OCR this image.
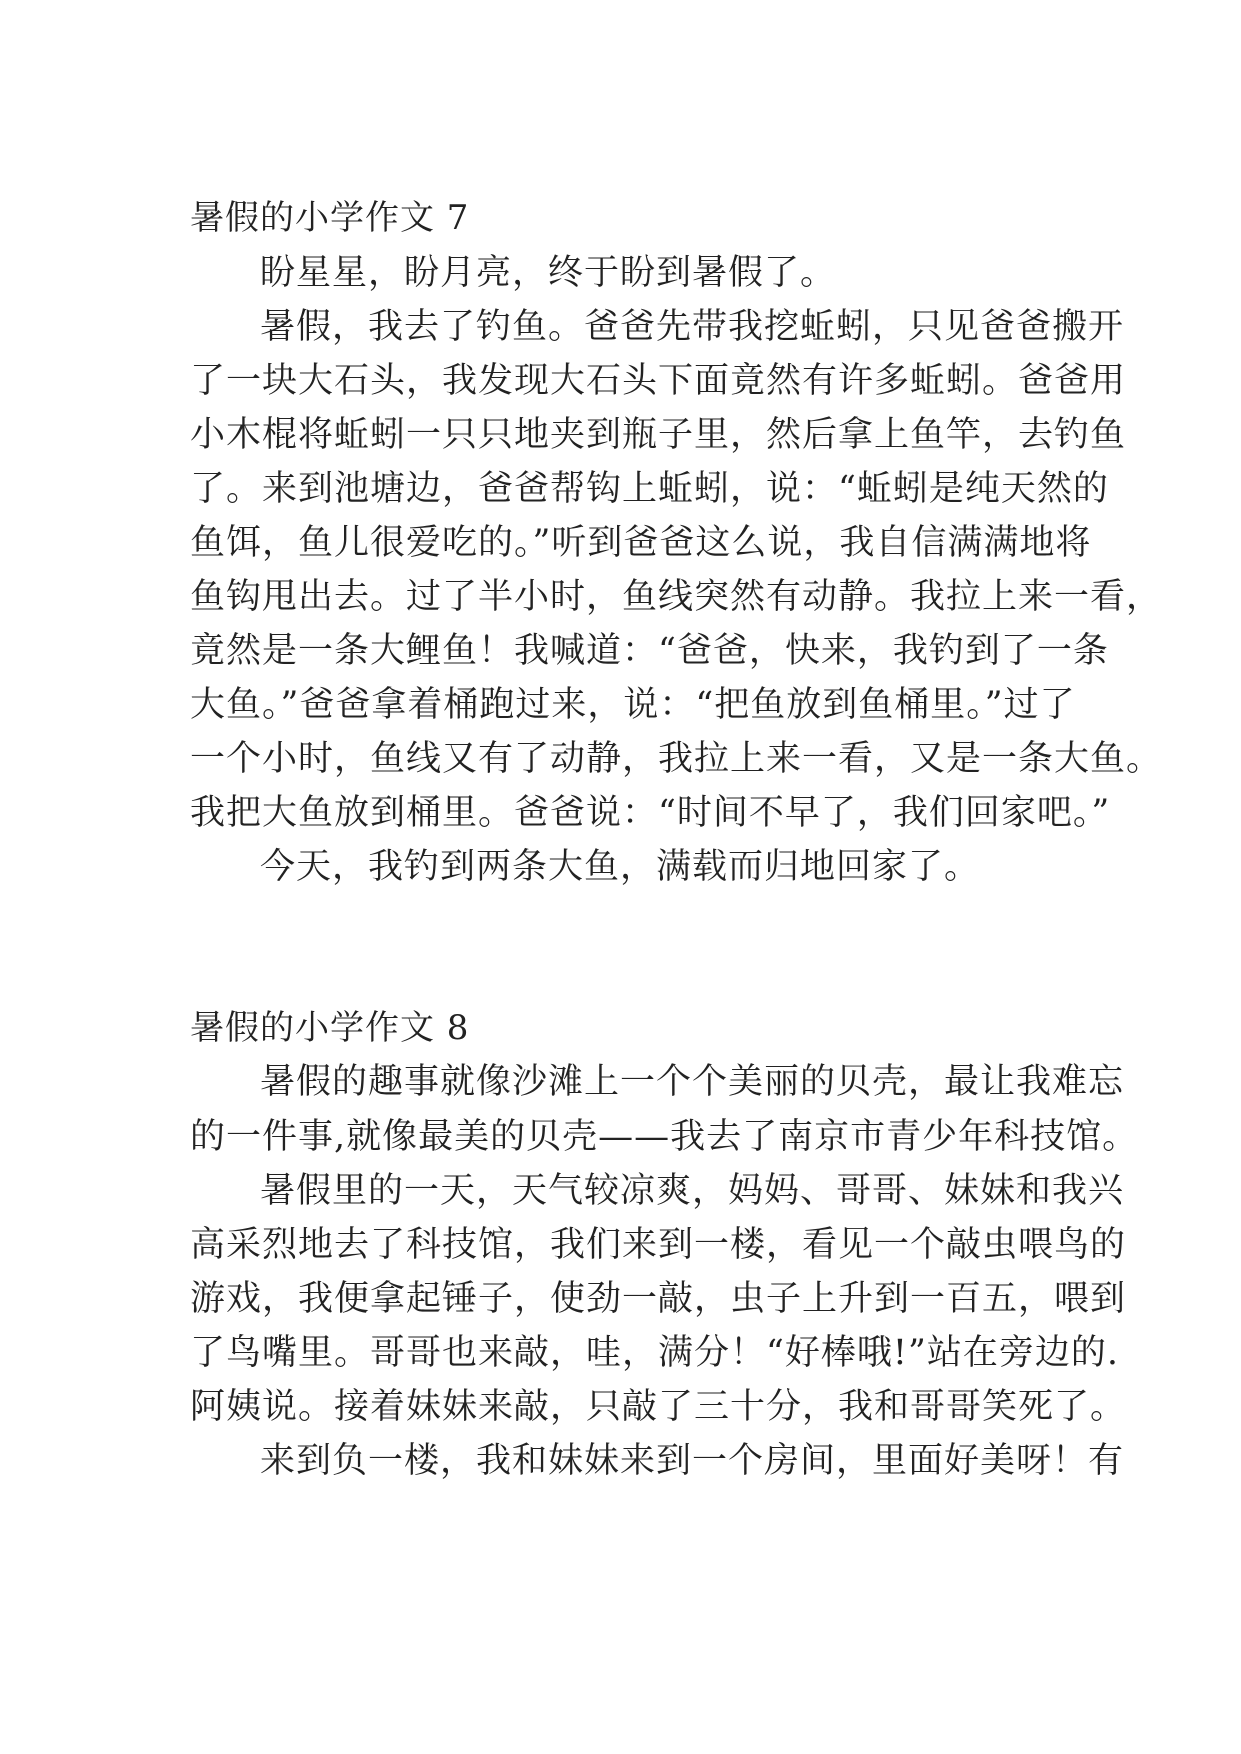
暑假的小学作文 7
盼星星，盼月亮，终于盼到暑假了。
暑假，我去了钓鱼。爸爸先带我挖蚯蚓，只见爸爸搬开
了一块大石头，我发现大石头下面竟然有许多蚯蚓。爸爸用
小木棍将蚯蚓一只只地夹到瓶子里，然后拿上鱼竿，去钓鱼
了。来到池塘边，爸爸帮钩上蚯蚓，说：“蚯蚓是纯天然的
鱼饵，鱼儿很爱吃的。”听到爸爸这么说，我自信满满地将
鱼钩甩出去。过了半小时，鱼线突然有动静。我拉上来一看，
竟然是一条大鲤鱼！我喊道：“爸爸，快来，我钓到了一条
大鱼。”爸爸拿着桶跑过来，说：“把鱼放到鱼桶里。”过了
一个小时，鱼线又有了动静，我拉上来一看，又是一条大鱼。
我把大鱼放到桶里。爸爸说：“时间不早了，我们回家吧。”
今天，我钓到两条大鱼，满载而归地回家了。
暑假的小学作文 8
暑假的趣事就像沙滩上一个个美丽的贝壳，最让我难忘
的一件事,就像最美的贝壳——我去了南京市青少年科技馆。
暑假里的一天，天气较凉爽，妈妈、哥哥、妹妹和我兴
高采烈地去了科技馆，我们来到一楼，看见一个敲虫喂鸟的
游戏，我便拿起锤子，使劲一敲，虫子上升到一百五，喂到
了鸟嘴里。哥哥也来敲，哇，满分！“好棒哦!”站在旁边的.
阿姨说。接着妹妹来敲，只敲了三十分，我和哥哥笑死了。
来到负一楼，我和妹妹来到一个房间，里面好美呀！有
